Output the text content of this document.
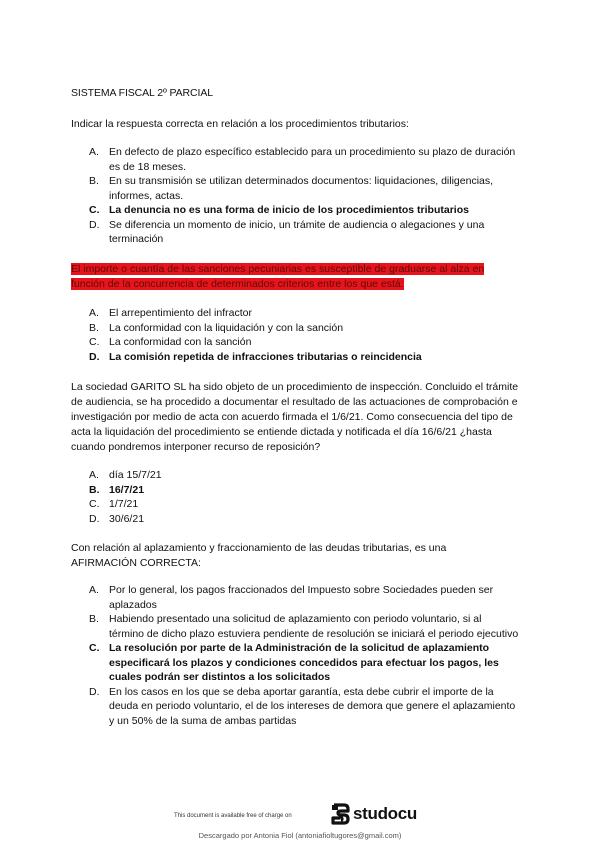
SISTEMA FISCAL 2º PARCIAL
Indicar la respuesta correcta en relación a los procedimientos tributarios:
A. En defecto de plazo específico establecido para un procedimiento su plazo de duración es de 18 meses.
B. En su transmisión se utilizan determinados documentos: liquidaciones, diligencias, informes, actas.
C. La denuncia no es una forma de inicio de los procedimientos tributarios
D. Se diferencia un momento de inicio, un trámite de audiencia o alegaciones y una terminación
El importe o cuantía de las sanciones pecuniarias es susceptible de graduarse al alza en función de la concurrencia de determinados criterios entre los que está:
A. El arrepentimiento del infractor
B. La conformidad con la liquidación y con la sanción
C. La conformidad con la sanción
D. La comisión repetida de infracciones tributarias o reincidencia
La sociedad GARITO SL ha sido objeto de un procedimiento de inspección. Concluido el trámite de audiencia, se ha procedido a documentar el resultado de las actuaciones de comprobación e investigación por medio de acta con acuerdo firmada el 1/6/21. Como consecuencia del tipo de acta la liquidación del procedimiento se entiende dictada y notificada el día 16/6/21 ¿hasta cuando pondremos interponer recurso de reposición?
A. día 15/7/21
B. 16/7/21
C. 1/7/21
D. 30/6/21
Con relación al aplazamiento y fraccionamiento de las deudas tributarias, es una AFIRMACIÓN CORRECTA:
A. Por lo general, los pagos fraccionados del Impuesto sobre Sociedades pueden ser aplazados
B. Habiendo presentado una solicitud de aplazamiento con periodo voluntario, si al término de dicho plazo estuviera pendiente de resolución se iniciará el periodo ejecutivo
C. La resolución por parte de la Administración de la solicitud de aplazamiento especificará los plazos y condiciones concedidos para efectuar los pagos, les cuales podrán ser distintos a los solicitados
D. En los casos en los que se deba aportar garantía, esta debe cubrir el importe de la deuda en periodo voluntario, el de los intereses de demora que genere el aplazamiento y un 50% de la suma de ambas partidas
This document is available free of charge on	studocu
Descargado por Antonia Fiol (antoniafioltugores@gmail.com)
